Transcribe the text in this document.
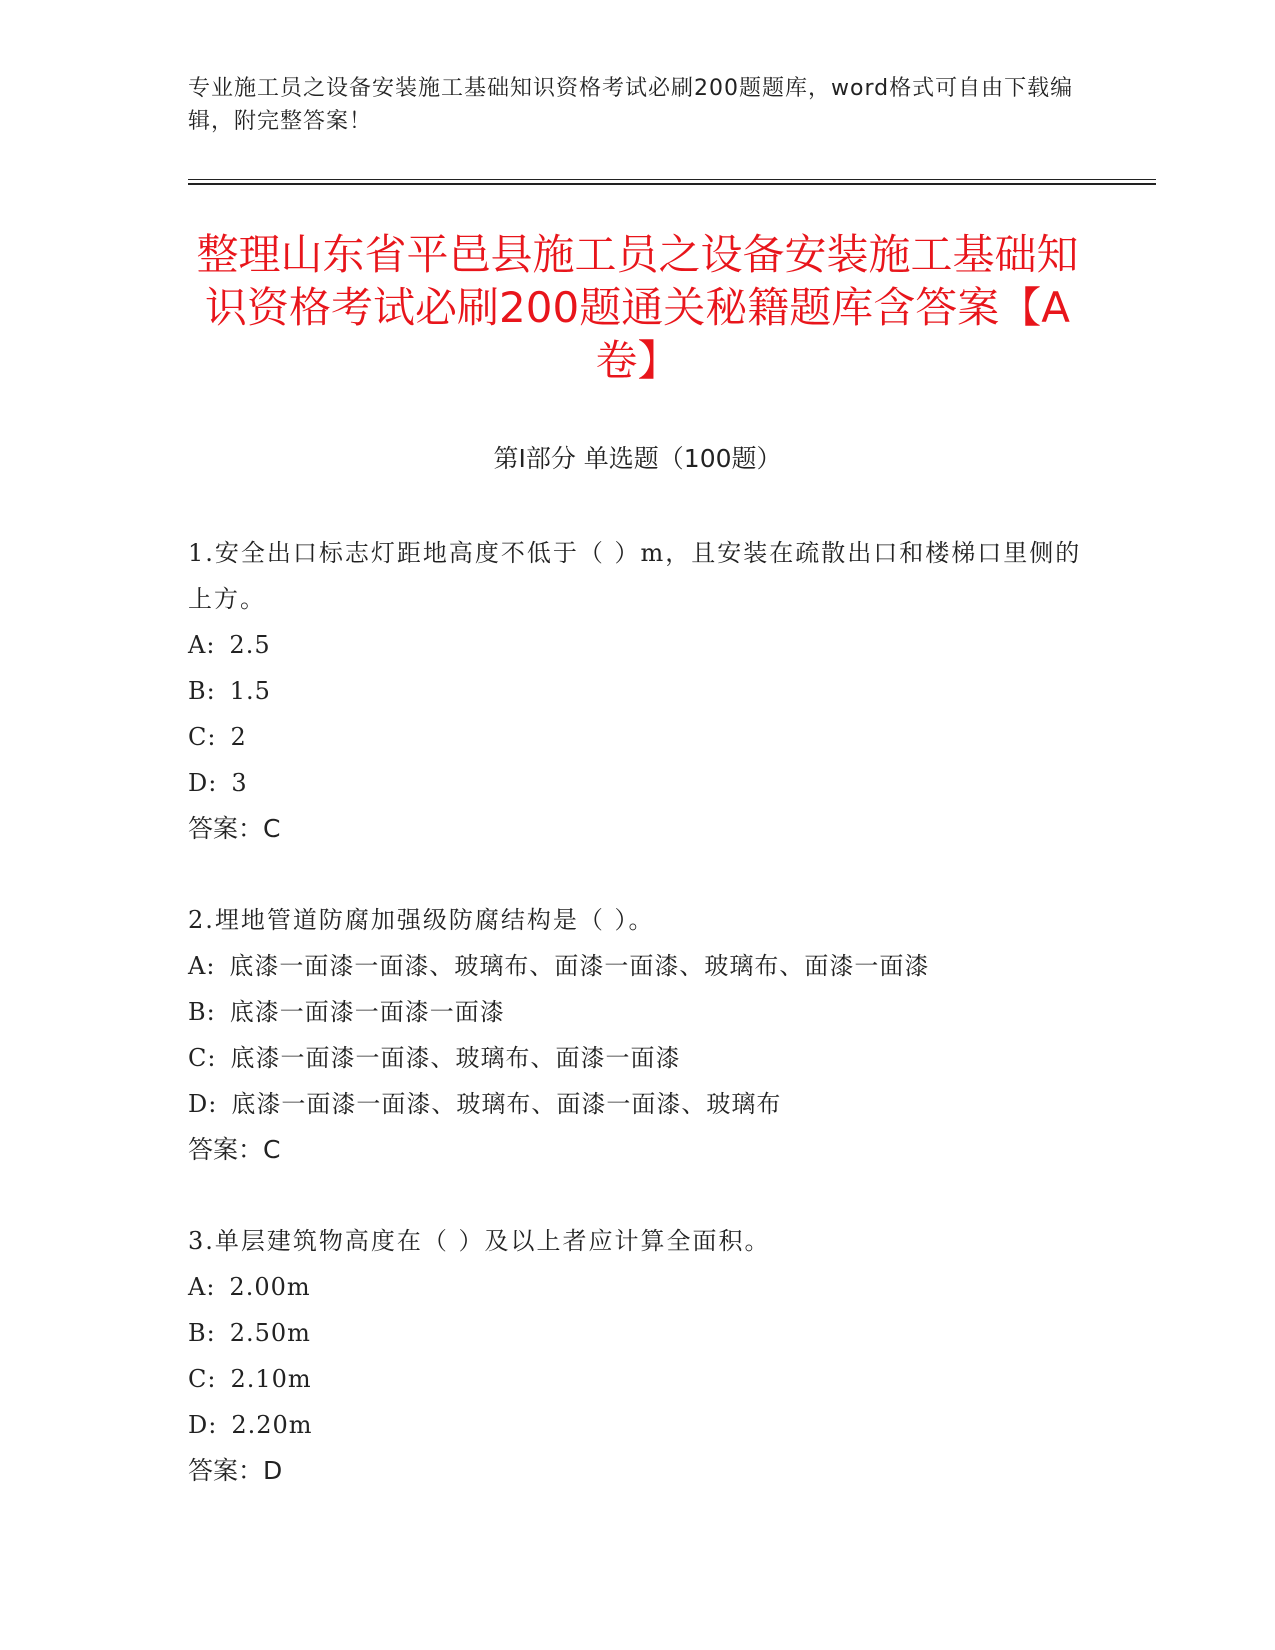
专业施工员之设备安装施工基础知识资格考试必刷200题题库，word格式可自由下载编辑，附完整答案！
整理山东省平邑县施工员之设备安装施工基础知识资格考试必刷200题通关秘籍题库含答案【A卷】
第Ⅰ部分 单选题（100题）

1.安全出口标志灯距地高度不低于（ ）m，且安装在疏散出口和楼梯口里侧的上方。

A: 2.5

B: 1.5

C: 2

D: 3

答案：C

2.埋地管道防腐加强级防腐结构是（ ）。

A: 底漆一面漆一面漆、玻璃布、面漆一面漆、玻璃布、面漆一面漆

B: 底漆一面漆一面漆一面漆

C: 底漆一面漆一面漆、玻璃布、面漆一面漆

D: 底漆一面漆一面漆、玻璃布、面漆一面漆、玻璃布

答案：C

3.单层建筑物高度在（ ）及以上者应计算全面积。

A: 2.00m

B: 2.50m

C: 2.10m

D: 2.20m

答案：D
